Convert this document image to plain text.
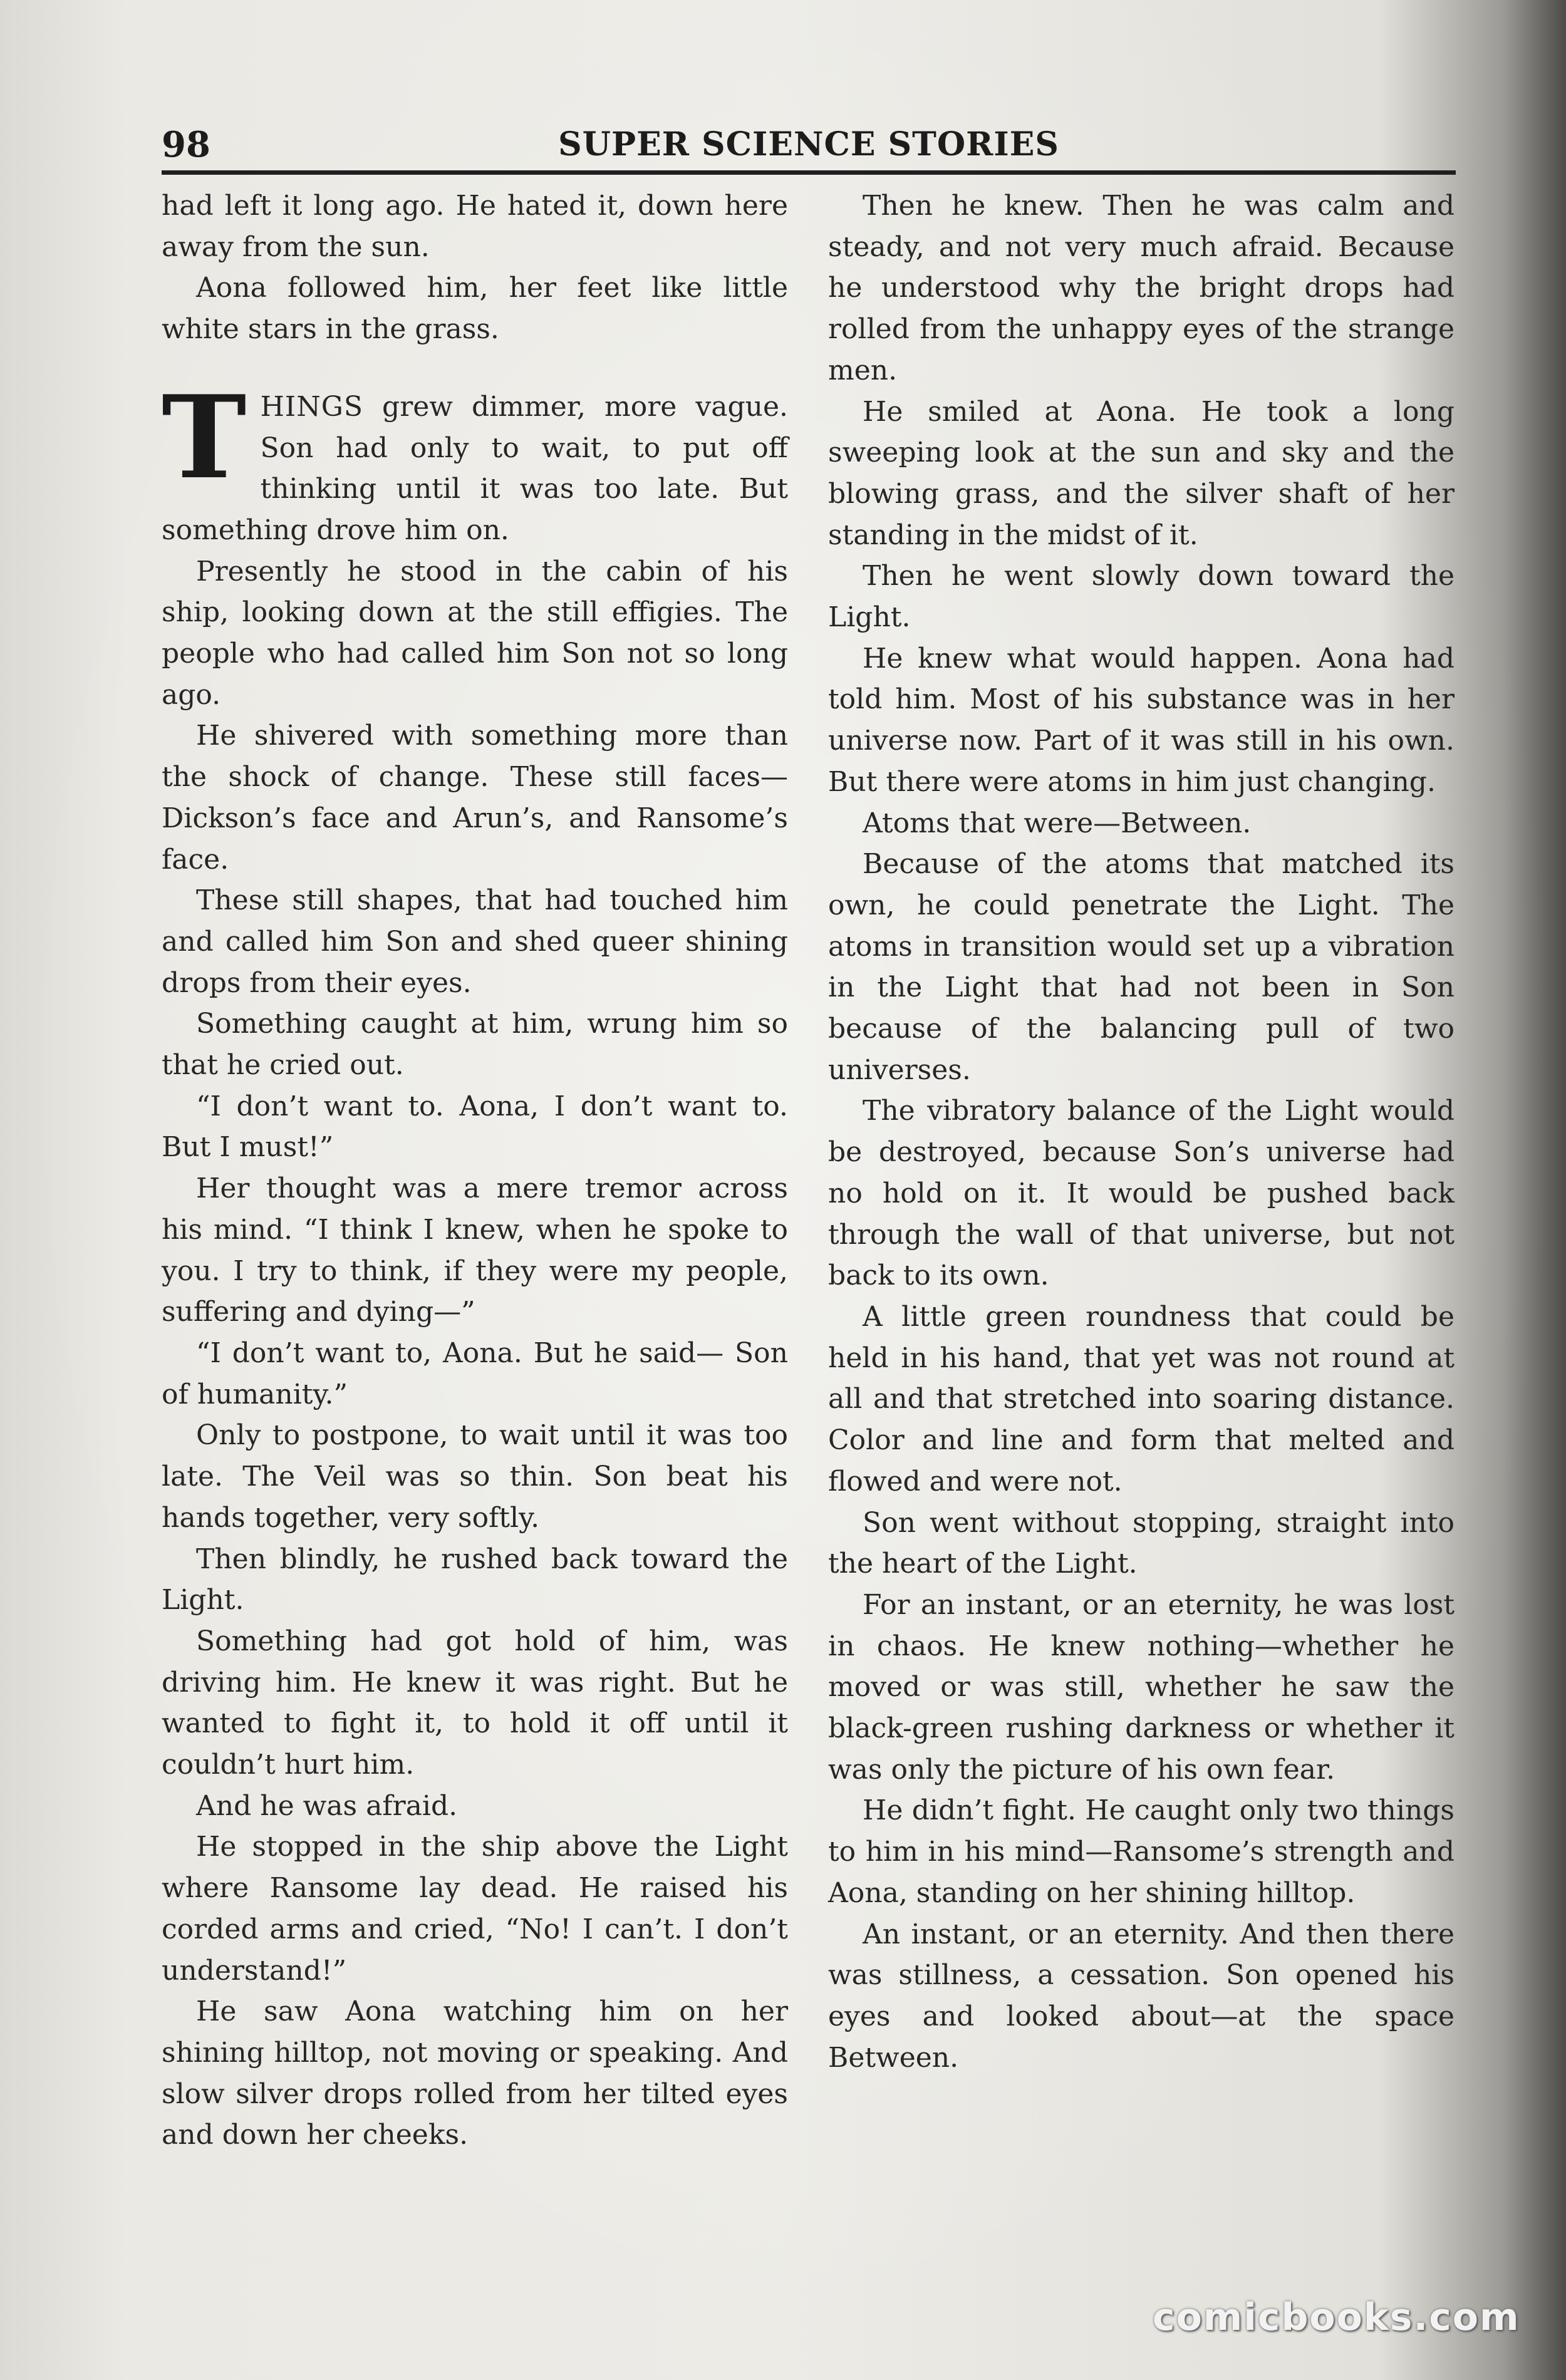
98	SUPER SCIENCE STORIES

had left it long ago. He hated it, down here away from the sun.

Aona followed him, her feet like little white stars in the grass.

THINGS grew dimmer, more vague. Son had only to wait, to put off thinking until it was too late. But something drove him on.

Presently he stood in the cabin of his ship, looking down at the still effigies. The people who had called him Son not so long ago.

He shivered with something more than the shock of change. These still faces— Dickson’s face and Arun’s, and Ransome’s face.

These still shapes, that had touched him and called him Son and shed queer shining drops from their eyes.

Something caught at him, wrung him so that he cried out.

“I don’t want to. Aona, I don’t want to. But I must!”

Her thought was a mere tremor across his mind. “I think I knew, when he spoke to you. I try to think, if they were my people, suffering and dying—”

“I don’t want to, Aona. But he said— Son of humanity.”

Only to postpone, to wait until it was too late. The Veil was so thin. Son beat his hands together, very softly.

Then blindly, he rushed back toward the Light.

Something had got hold of him, was driving him. He knew it was right. But he wanted to fight it, to hold it off until it couldn’t hurt him.

And he was afraid.

He stopped in the ship above the Light where Ransome lay dead. He raised his corded arms and cried, “No! I can’t. I don’t understand!”

He saw Aona watching him on her shining hilltop, not moving or speaking. And slow silver drops rolled from her tilted eyes and down her cheeks.

Then he knew. Then he was calm and steady, and not very much afraid. Because he understood why the bright drops had rolled from the unhappy eyes of the strange men.

He smiled at Aona. He took a long sweeping look at the sun and sky and the blowing grass, and the silver shaft of her standing in the midst of it.

Then he went slowly down toward the Light.

He knew what would happen. Aona had told him. Most of his substance was in her universe now. Part of it was still in his own. But there were atoms in him just changing.

Atoms that were—Between.

Because of the atoms that matched its own, he could penetrate the Light. The atoms in transition would set up a vibration in the Light that had not been in Son because of the balancing pull of two universes.

The vibratory balance of the Light would be destroyed, because Son’s universe had no hold on it. It would be pushed back through the wall of that universe, but not back to its own.

A little green roundness that could be held in his hand, that yet was not round at all and that stretched into soaring distance. Color and line and form that melted and flowed and were not.

Son went without stopping, straight into the heart of the Light.

For an instant, or an eternity, he was lost in chaos. He knew nothing—whether he moved or was still, whether he saw the black-green rushing darkness or whether it was only the picture of his own fear.

He didn’t fight. He caught only two things to him in his mind—Ransome’s strength and Aona, standing on her shining hilltop.

An instant, or an eternity. And then there was stillness, a cessation. Son opened his eyes and looked about—at the space Between.

comicbooks.com
